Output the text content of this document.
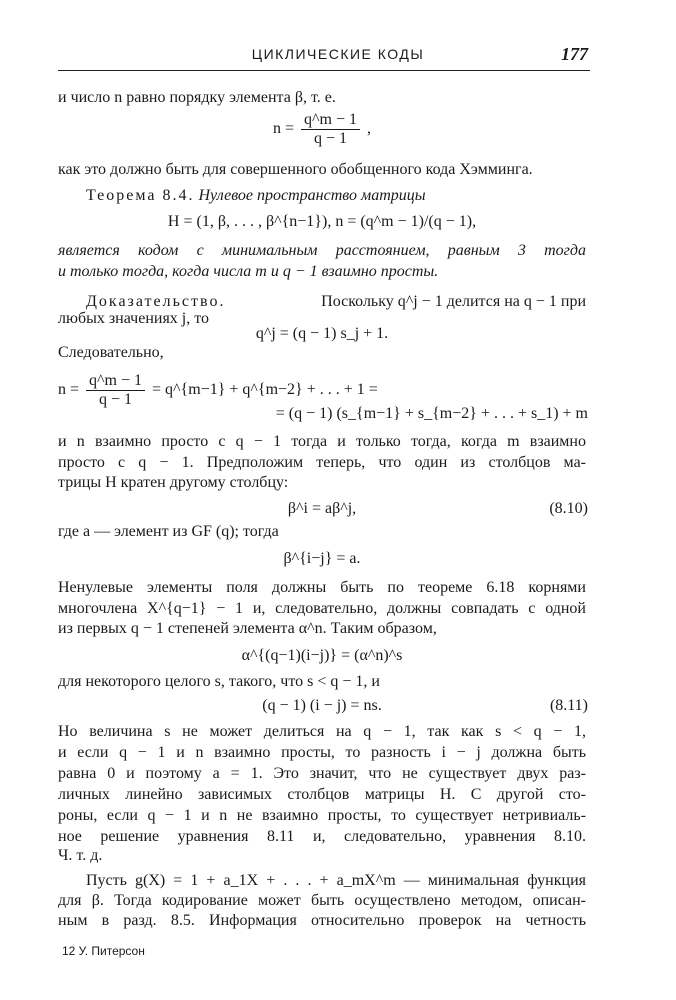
ЦИКЛИЧЕСКИЕ КОДЫ	177
и число n равно порядку элемента β, т. е.
$n = \frac{q\^{}m - 1}{q - 1}$ ,
как это должно быть для совершенного обобщенного кода Хэмминга.
Теорема 8.4. Нулевое пространство матрицы
H = (1, β, . . . , β^{n−1}), n = (q^m − 1)/(q − 1),
является кодом с минимальным расстоянием, равным 3 тогда
и только тогда, когда числа m и q − 1 взаимно просты.
Доказательство.	Поскольку q^j − 1 делится на q − 1 при
любых значениях j, то
q^j = (q − 1) s_j + 1.
Следовательно,
$n = \frac{q\^{}m - 1}{q - 1}$ = q^{m−1} + q^{m−2} + . . . + 1 =
= (q − 1) (s_{m−1} + s_{m−2} + . . . + s_1) + m
и n взаимно просто с q − 1 тогда и только тогда, когда m взаимно
просто с q − 1. Предположим теперь, что один из столбцов ма-
трицы H кратен другому столбцу:
β^i = aβ^j,	(8.10)
где a — элемент из GF (q); тогда
β^{i−j} = a.
Ненулевые элементы поля должны быть по теореме 6.18 корнями
многочлена X^{q−1} − 1 и, следовательно, должны совпадать с одной
из первых q − 1 степеней элемента α^n. Таким образом,
α^{(q−1)(i−j)} = (α^n)^s
для некоторого целого s, такого, что s < q − 1, и
(q − 1) (i − j) = ns.	(8.11)
Но величина s не может делиться на q − 1, так как s < q − 1,
и если q − 1 и n взаимно просты, то разность i − j должна быть
равна 0 и поэтому a = 1. Это значит, что не существует двух раз-
личных линейно зависимых столбцов матрицы H. С другой сто-
роны, если q − 1 и n не взаимно просты, то существует нетривиаль-
ное решение уравнения 8.11 и, следовательно, уравнения 8.10.
Ч. т. д.
Пусть g(X) = 1 + a_1X + . . . + a_mX^m — минимальная функция
для β. Тогда кодирование может быть осуществлено методом, описан-
ным в разд. 8.5. Информация относительно проверок на четность
12 У. Питерсон
